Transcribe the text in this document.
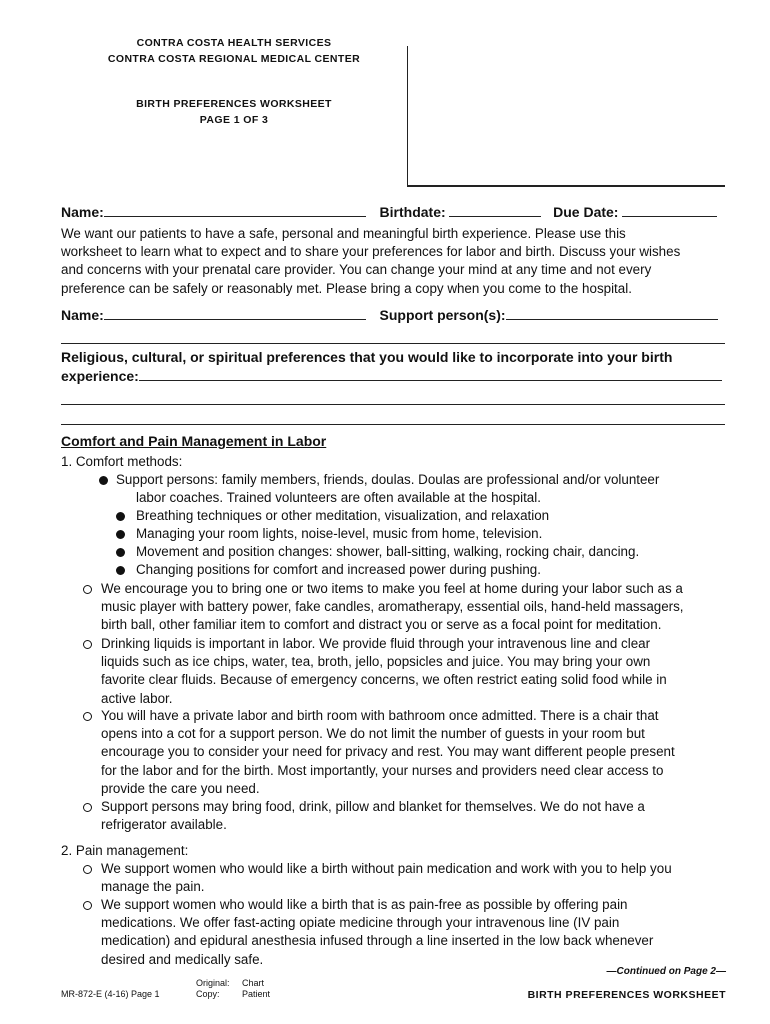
CONTRA COSTA HEALTH SERVICES
CONTRA COSTA REGIONAL MEDICAL CENTER
BIRTH PREFERENCES WORKSHEET
PAGE 1 OF 3
Name:	Birthdate:	Due Date:
We want our patients to have a safe, personal and meaningful birth experience. Please use this
worksheet to learn what to expect and to share your preferences for labor and birth. Discuss your wishes
and concerns with your prenatal care provider. You can change your mind at any time and not every
preference can be safely or reasonably met. Please bring a copy when you come to the hospital.
Name:	Support person(s):
Religious, cultural, or spiritual preferences that you would like to incorporate into your birth
experience:
Comfort and Pain Management in Labor
1. Comfort methods:
Support persons: family members, friends, doulas. Doulas are professional and/or volunteer
labor coaches. Trained volunteers are often available at the hospital.
Breathing techniques or other meditation, visualization, and relaxation
Managing your room lights, noise-level, music from home, television.
Movement and position changes: shower, ball-sitting, walking, rocking chair, dancing.
Changing positions for comfort and increased power during pushing.
We encourage you to bring one or two items to make you feel at home during your labor such as a
music player with battery power, fake candles, aromatherapy, essential oils, hand-held massagers,
birth ball, other familiar item to comfort and distract you or serve as a focal point for meditation.
Drinking liquids is important in labor. We provide fluid through your intravenous line and clear
liquids such as ice chips, water, tea, broth, jello, popsicles and juice. You may bring your own
favorite clear fluids. Because of emergency concerns, we often restrict eating solid food while in
active labor.
You will have a private labor and birth room with bathroom once admitted. There is a chair that
opens into a cot for a support person. We do not limit the number of guests in your room but
encourage you to consider your need for privacy and rest. You may want different people present
for the labor and for the birth. Most importantly, your nurses and providers need clear access to
provide the care you need.
Support persons may bring food, drink, pillow and blanket for themselves. We do not have a
refrigerator available.
2. Pain management:
We support women who would like a birth without pain medication and work with you to help you
manage the pain.
We support women who would like a birth that is as pain-free as possible by offering pain
medications. We offer fast-acting opiate medicine through your intravenous line (IV pain
medication) and epidural anesthesia infused through a line inserted in the low back whenever
desired and medically safe.
—Continued on Page 2—
MR-872-E (4-16) Page 1
Original: Chart
Copy: Patient	BIRTH PREFERENCES WORKSHEET
